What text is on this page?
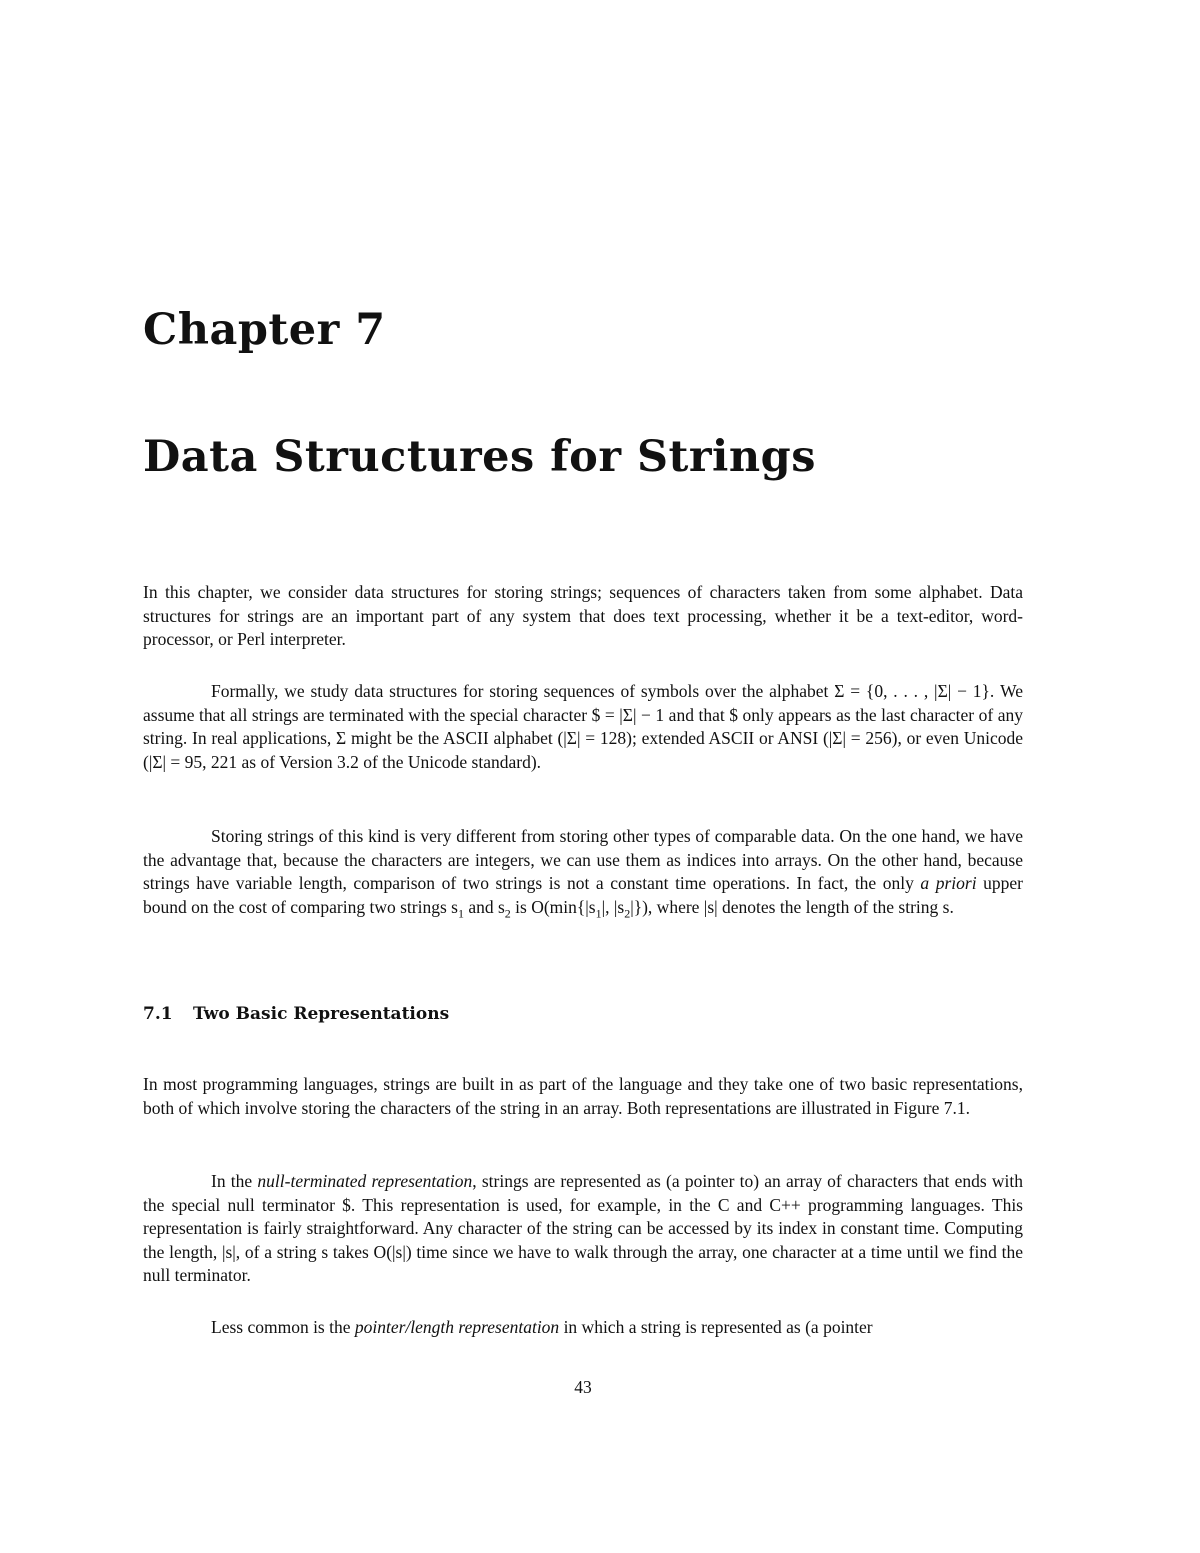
Chapter 7
Data Structures for Strings

In this chapter, we consider data structures for storing strings; sequences of characters taken from some alphabet. Data structures for strings are an important part of any system that does text processing, whether it be a text-editor, word-processor, or Perl interpreter.

Formally, we study data structures for storing sequences of symbols over the alphabet Σ = {0, . . . , |Σ| − 1}. We assume that all strings are terminated with the special character $ = |Σ| − 1 and that $ only appears as the last character of any string. In real applications, Σ might be the ASCII alphabet (|Σ| = 128); extended ASCII or ANSI (|Σ| = 256), or even Unicode (|Σ| = 95, 221 as of Version 3.2 of the Unicode standard).

Storing strings of this kind is very different from storing other types of comparable data. On the one hand, we have the advantage that, because the characters are integers, we can use them as indices into arrays. On the other hand, because strings have variable length, comparison of two strings is not a constant time operations. In fact, the only a priori upper bound on the cost of comparing two strings $s_1$ and $s_2$ is $O(\min\{|s_1|$, $|s_2|$}), where |s| denotes the length of the string s.

7.1 Two Basic Representations

In most programming languages, strings are built in as part of the language and they take one of two basic representations, both of which involve storing the characters of the string in an array. Both representations are illustrated in Figure 7.1.

In the null-terminated representation, strings are represented as (a pointer to) an array of characters that ends with the special null terminator $. This representation is used, for example, in the C and C++ programming languages. This representation is fairly straightforward. Any character of the string can be accessed by its index in constant time. Computing the length, |s|, of a string s takes O(|s|) time since we have to walk through the array, one character at a time until we find the null terminator.

Less common is the pointer/length representation in which a string is represented as (a pointer

43
